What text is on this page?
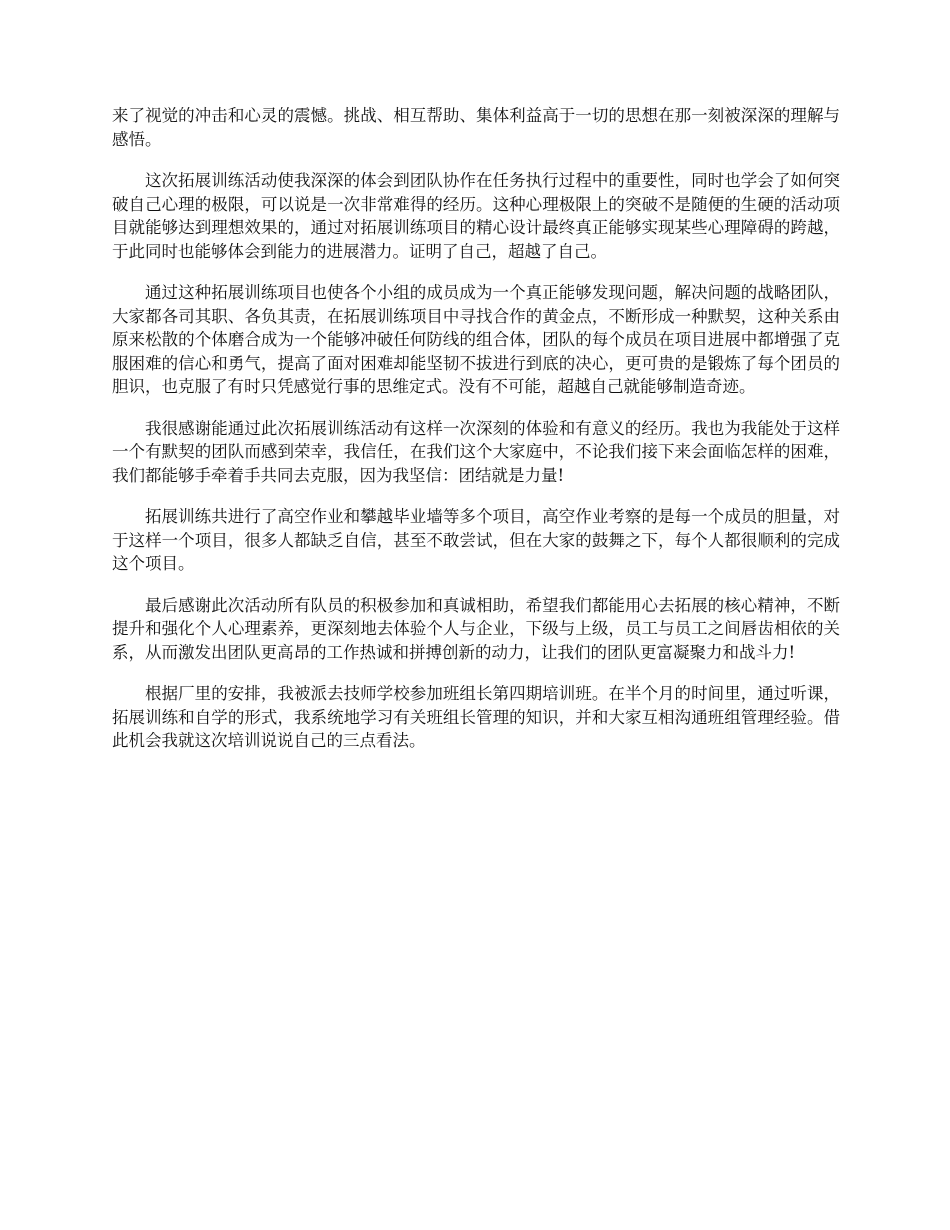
来了视觉的冲击和心灵的震憾。挑战、相互帮助、集体利益高于一切的思想在那一刻被深深的理解与感悟。

这次拓展训练活动使我深深的体会到团队协作在任务执行过程中的重要性，同时也学会了如何突破自己心理的极限，可以说是一次非常难得的经历。这种心理极限上的突破不是随便的生硬的活动项目就能够达到理想效果的，通过对拓展训练项目的精心设计最终真正能够实现某些心理障碍的跨越，于此同时也能够体会到能力的进展潜力。证明了自己，超越了自己。

通过这种拓展训练项目也使各个小组的成员成为一个真正能够发现问题，解决问题的战略团队，大家都各司其职、各负其责，在拓展训练项目中寻找合作的黄金点，不断形成一种默契，这种关系由原来松散的个体磨合成为一个能够冲破任何防线的组合体，团队的每个成员在项目进展中都增强了克服困难的信心和勇气，提高了面对困难却能坚韧不拔进行到底的决心，更可贵的是锻炼了每个团员的胆识，也克服了有时只凭感觉行事的思维定式。没有不可能，超越自己就能够制造奇迹。

我很感谢能通过此次拓展训练活动有这样一次深刻的体验和有意义的经历。我也为我能处于这样一个有默契的团队而感到荣幸，我信任，在我们这个大家庭中，不论我们接下来会面临怎样的困难，我们都能够手牵着手共同去克服，因为我坚信：团结就是力量!

拓展训练共进行了高空作业和攀越毕业墙等多个项目，高空作业考察的是每一个成员的胆量，对于这样一个项目，很多人都缺乏自信，甚至不敢尝试，但在大家的鼓舞之下，每个人都很顺利的完成这个项目。

最后感谢此次活动所有队员的积极参加和真诚相助，希望我们都能用心去拓展的核心精神，不断提升和强化个人心理素养，更深刻地去体验个人与企业，下级与上级，员工与员工之间唇齿相依的关系，从而激发出团队更高昂的工作热诚和拼搏创新的动力，让我们的团队更富凝聚力和战斗力!

根据厂里的安排，我被派去技师学校参加班组长第四期培训班。在半个月的时间里，通过听课，拓展训练和自学的形式，我系统地学习有关班组长管理的知识，并和大家互相沟通班组管理经验。借此机会我就这次培训说说自己的三点看法。
